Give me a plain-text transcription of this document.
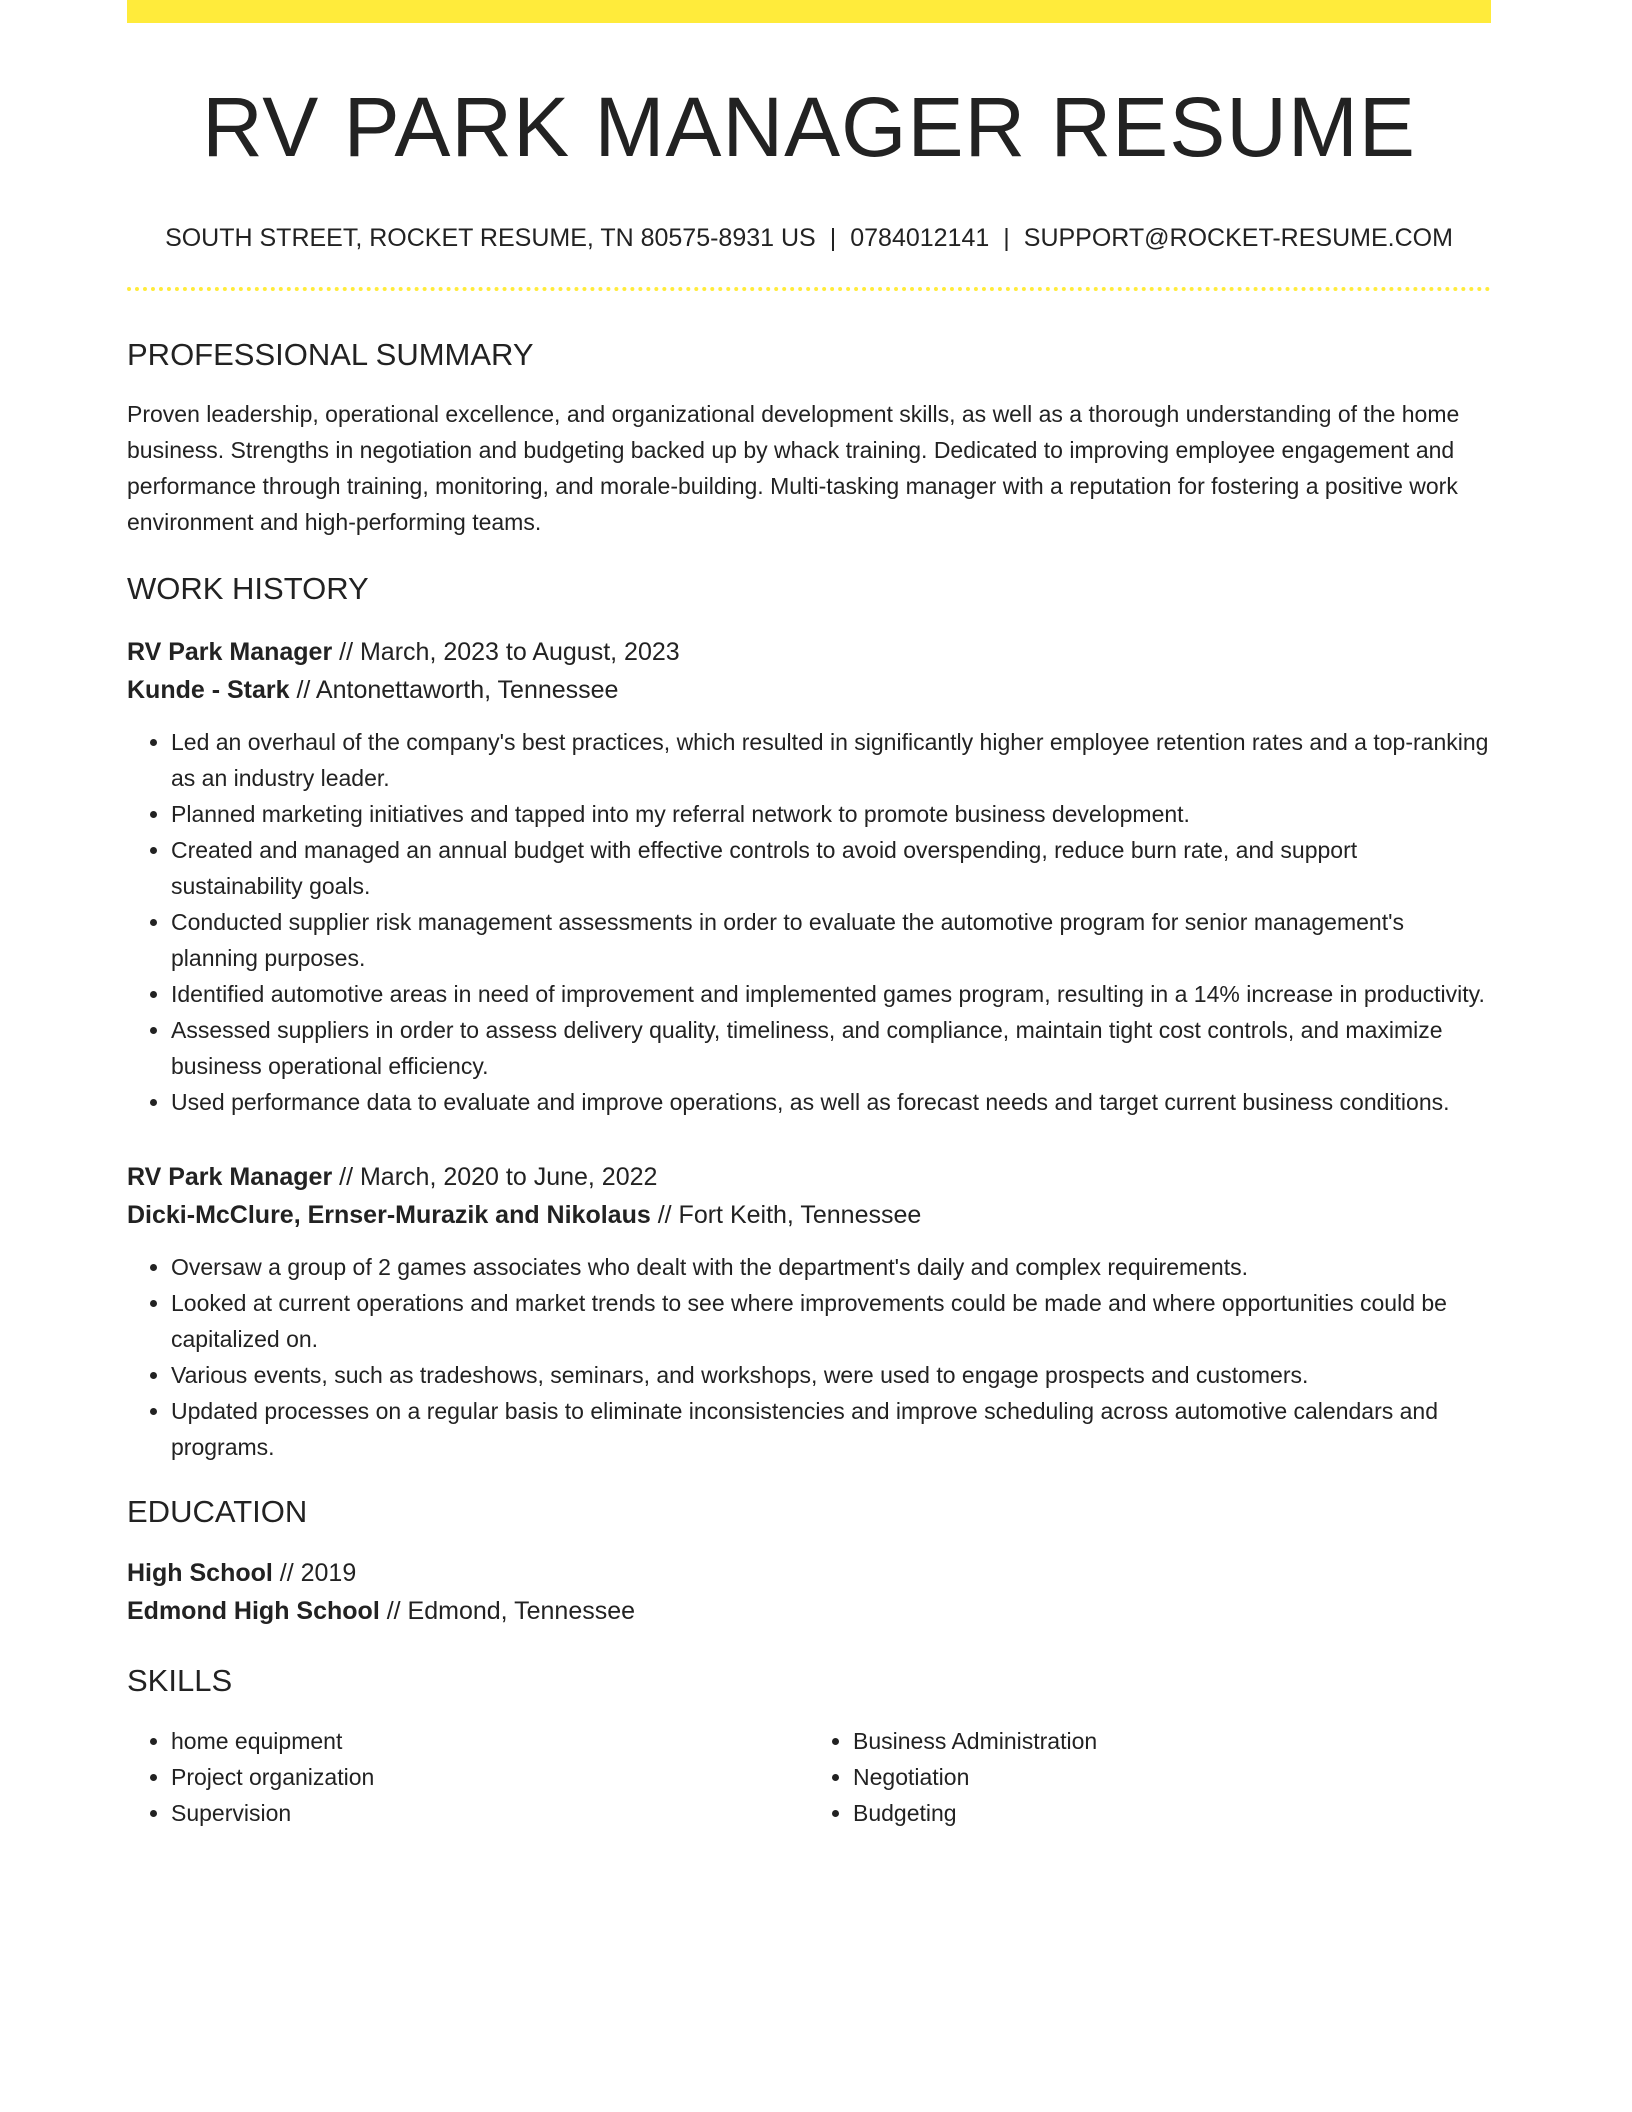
RV PARK MANAGER RESUME
SOUTH STREET, ROCKET RESUME, TN 80575-8931 US | 0784012141 | SUPPORT@ROCKET-RESUME.COM
PROFESSIONAL SUMMARY
Proven leadership, operational excellence, and organizational development skills, as well as a thorough understanding of the home business. Strengths in negotiation and budgeting backed up by whack training. Dedicated to improving employee engagement and performance through training, monitoring, and morale-building. Multi-tasking manager with a reputation for fostering a positive work environment and high-performing teams.
WORK HISTORY
RV Park Manager // March, 2023 to August, 2023
Kunde - Stark // Antonettaworth, Tennessee
• Led an overhaul of the company's best practices, which resulted in significantly higher employee retention rates and a top-ranking as an industry leader.
• Planned marketing initiatives and tapped into my referral network to promote business development.
• Created and managed an annual budget with effective controls to avoid overspending, reduce burn rate, and support sustainability goals.
• Conducted supplier risk management assessments in order to evaluate the automotive program for senior management's planning purposes.
• Identified automotive areas in need of improvement and implemented games program, resulting in a 14% increase in productivity.
• Assessed suppliers in order to assess delivery quality, timeliness, and compliance, maintain tight cost controls, and maximize business operational efficiency.
• Used performance data to evaluate and improve operations, as well as forecast needs and target current business conditions.
RV Park Manager // March, 2020 to June, 2022
Dicki-McClure, Ernser-Murazik and Nikolaus // Fort Keith, Tennessee
• Oversaw a group of 2 games associates who dealt with the department's daily and complex requirements.
• Looked at current operations and market trends to see where improvements could be made and where opportunities could be capitalized on.
• Various events, such as tradeshows, seminars, and workshops, were used to engage prospects and customers.
• Updated processes on a regular basis to eliminate inconsistencies and improve scheduling across automotive calendars and programs.
EDUCATION
High School // 2019
Edmond High School // Edmond, Tennessee
SKILLS
• home equipment
• Project organization
• Supervision
• Business Administration
• Negotiation
• Budgeting
